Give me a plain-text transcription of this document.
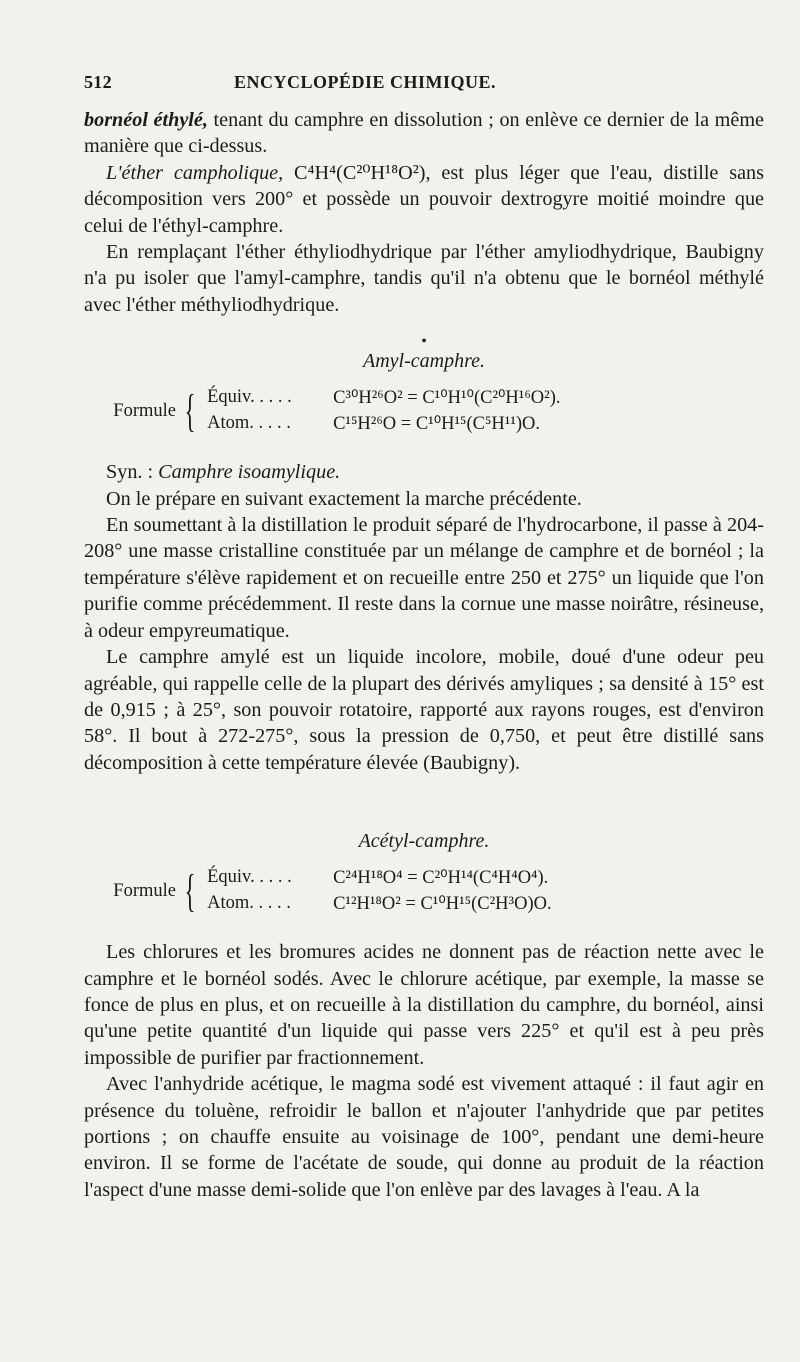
512	ENCYCLOPÉDIE CHIMIQUE.

bornéol éthylé, tenant du camphre en dissolution ; on enlève ce dernier de la même manière que ci-dessus.

L'éther campholique, C⁴H⁴(C²⁰H¹⁸O²), est plus léger que l'eau, distille sans décomposition vers 200° et possède un pouvoir dextrogyre moitié moindre que celui de l'éthyl-camphre.

En remplaçant l'éther éthyliodhydrique par l'éther amyliodhydrique, Baubigny n'a pu isoler que l'amyl-camphre, tandis qu'il n'a obtenu que le bornéol méthylé avec l'éther méthyliodhydrique.

•
Amyl-camphre.
Formule { Équiv. . . . .	C³⁰H²⁶O² = C¹⁰H¹⁰(C²⁰H¹⁶O²).
Atom. . . . .	C¹⁵H²⁶O = C¹⁰H¹⁵(C⁵H¹¹)O.

Syn. : Camphre isoamylique.

On le prépare en suivant exactement la marche précédente.

En soumettant à la distillation le produit séparé de l'hydrocarbone, il passe à 204-208° une masse cristalline constituée par un mélange de camphre et de bornéol ; la température s'élève rapidement et on recueille entre 250 et 275° un liquide que l'on purifie comme précédemment. Il reste dans la cornue une masse noirâtre, résineuse, à odeur empyreumatique.

Le camphre amylé est un liquide incolore, mobile, doué d'une odeur peu agréable, qui rappelle celle de la plupart des dérivés amyliques ; sa densité à 15° est de 0,915 ; à 25°, son pouvoir rotatoire, rapporté aux rayons rouges, est d'environ 58°. Il bout à 272-275°, sous la pression de 0,750, et peut être distillé sans décomposition à cette température élevée (Baubigny).

Acétyl-camphre.
Formule { Équiv. . . . .	C²⁴H¹⁸O⁴ = C²⁰H¹⁴(C⁴H⁴O⁴).
Atom. . . . .	C¹²H¹⁸O² = C¹⁰H¹⁵(C²H³O)O.

Les chlorures et les bromures acides ne donnent pas de réaction nette avec le camphre et le bornéol sodés. Avec le chlorure acétique, par exemple, la masse se fonce de plus en plus, et on recueille à la distillation du camphre, du bornéol, ainsi qu'une petite quantité d'un liquide qui passe vers 225° et qu'il est à peu près impossible de purifier par fractionnement.

Avec l'anhydride acétique, le magma sodé est vivement attaqué : il faut agir en présence du toluène, refroidir le ballon et n'ajouter l'anhydride que par petites portions ; on chauffe ensuite au voisinage de 100°, pendant une demi-heure environ. Il se forme de l'acétate de soude, qui donne au produit de la réaction l'aspect d'une masse demi-solide que l'on enlève par des lavages à l'eau. A la
